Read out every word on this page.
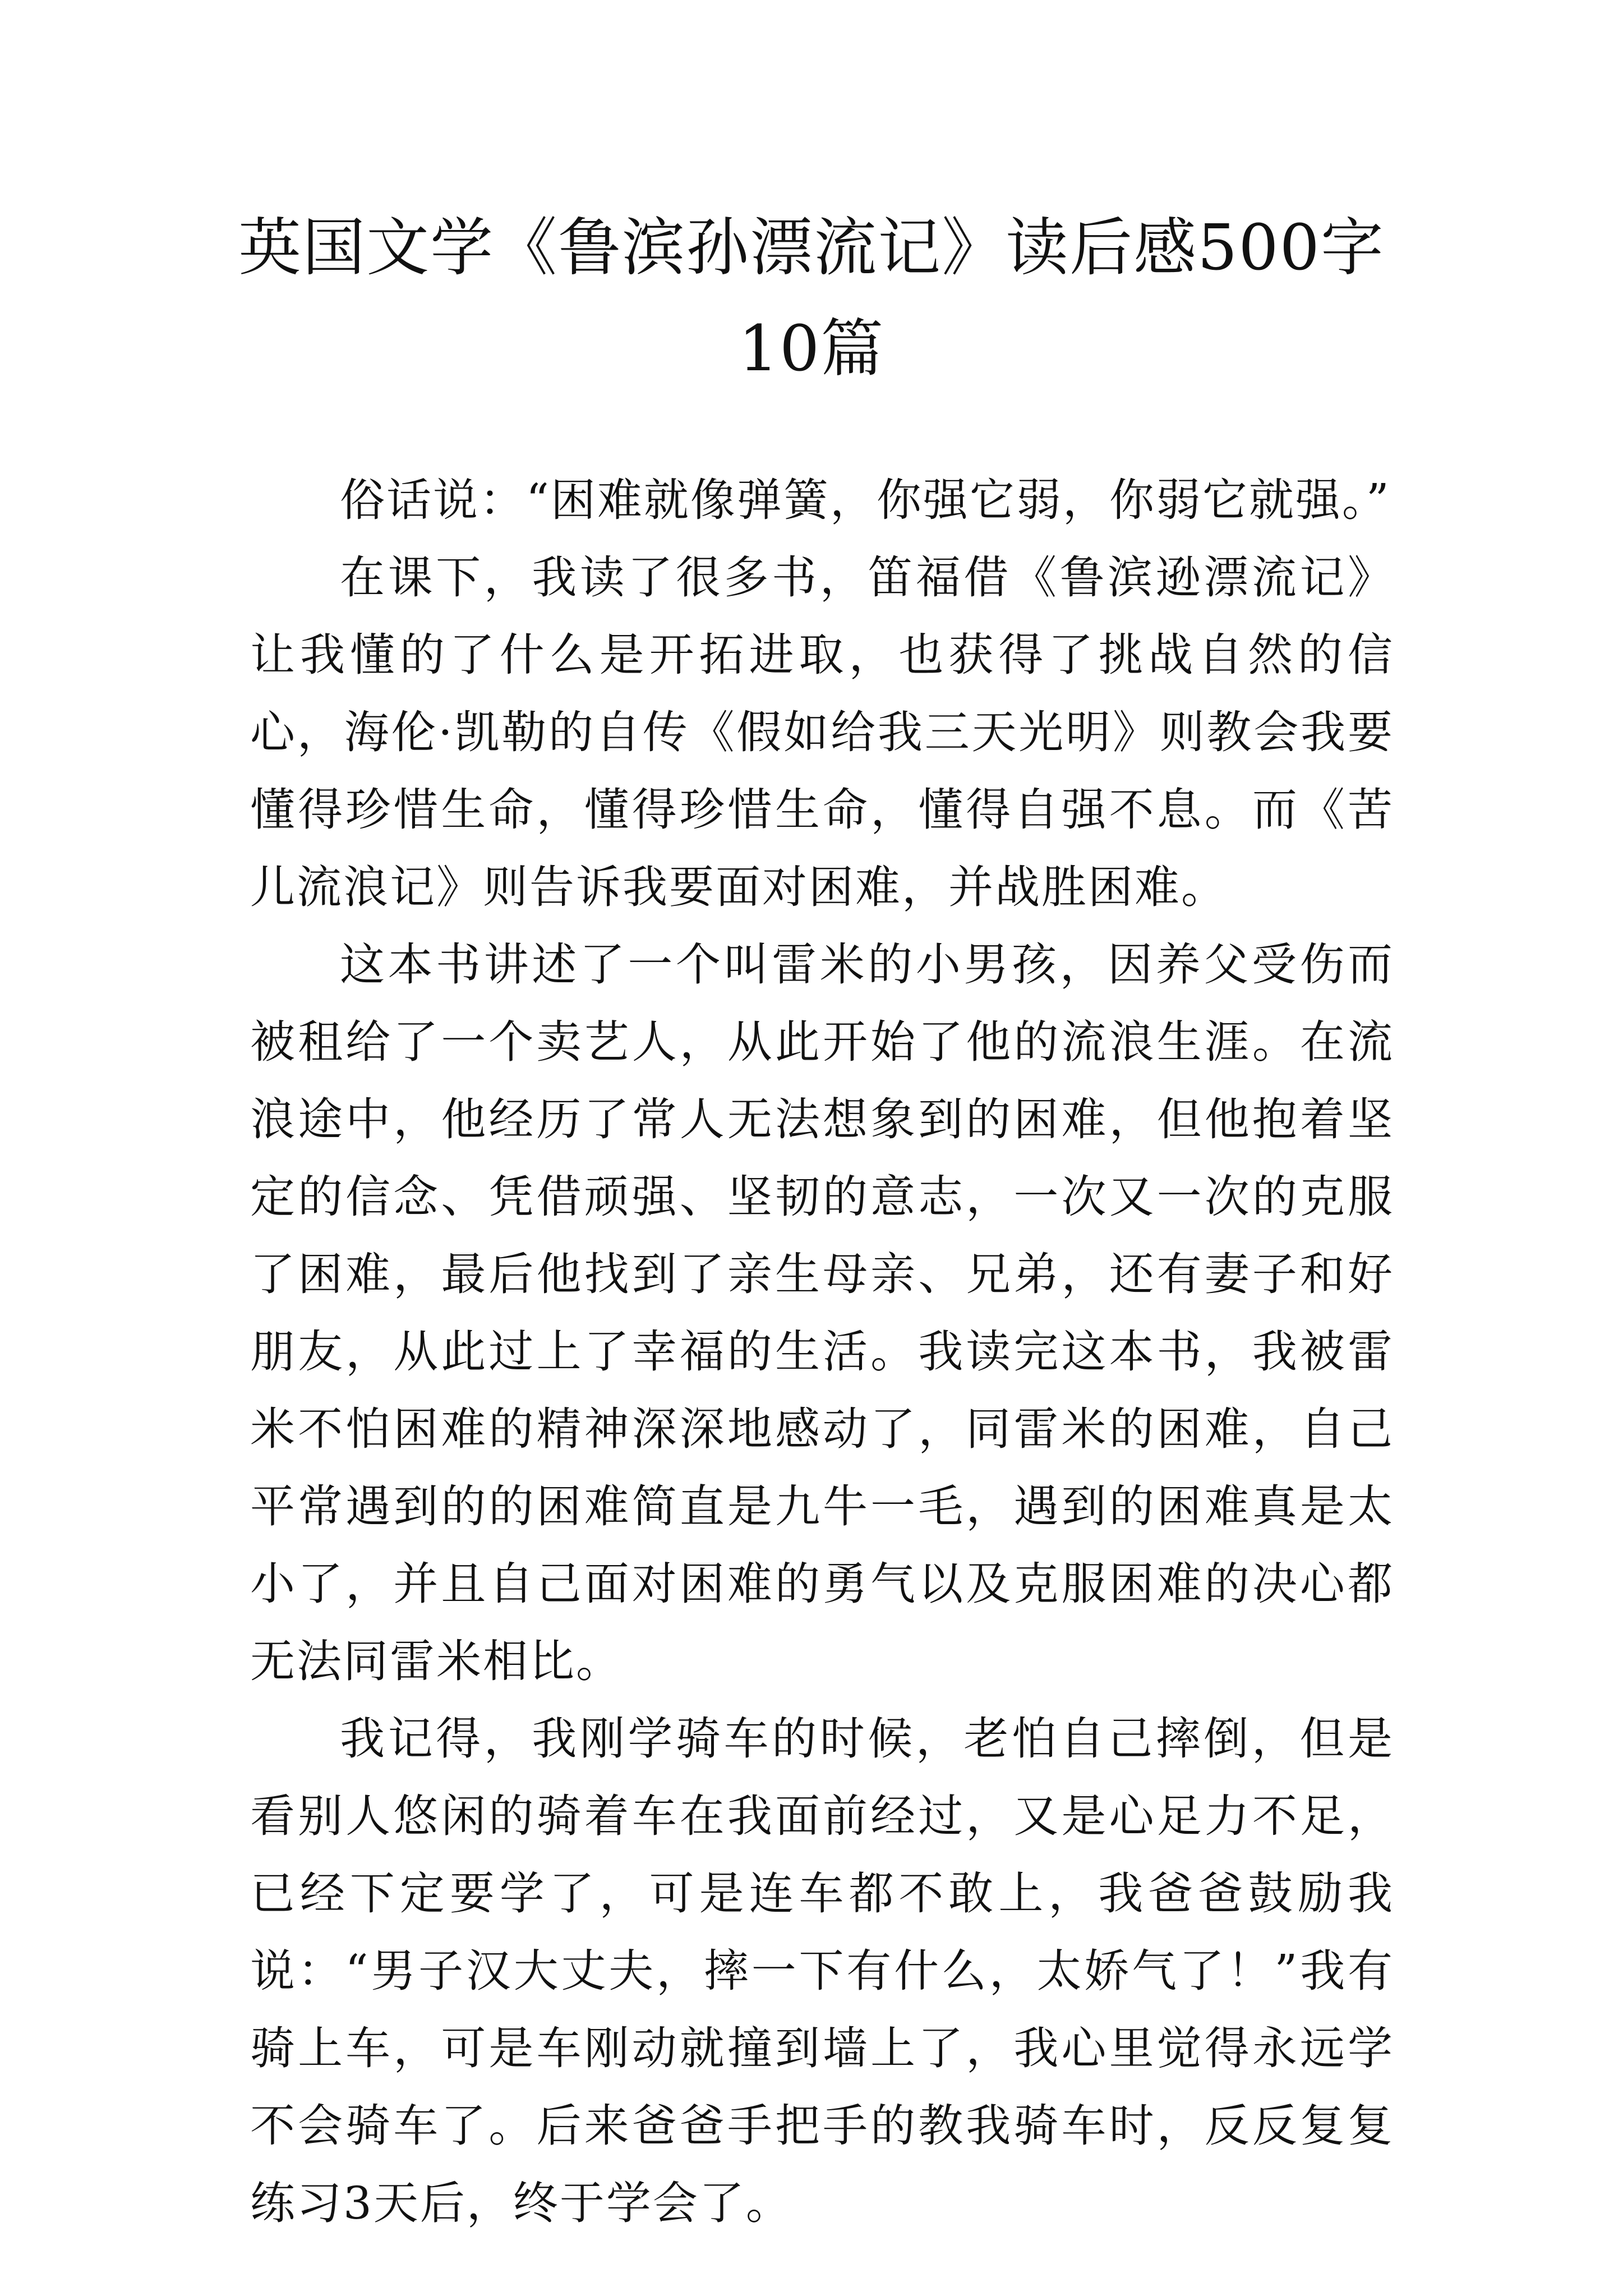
英国文学《鲁滨孙漂流记》读后感500字10篇

俗话说：“困难就像弹簧，你强它弱，你弱它就强。”

在课下，我读了很多书，笛福借《鲁滨逊漂流记》让我懂的了什么是开拓进取，也获得了挑战自然的信心，海伦·凯勒的自传《假如给我三天光明》则教会我要懂得珍惜生命，懂得珍惜生命，懂得自强不息。而《苦儿流浪记》则告诉我要面对困难，并战胜困难。

这本书讲述了一个叫雷米的小男孩，因养父受伤而被租给了一个卖艺人，从此开始了他的流浪生涯。在流浪途中，他经历了常人无法想象到的困难，但他抱着坚定的信念、凭借顽强、坚韧的意志，一次又一次的克服了困难，最后他找到了亲生母亲、兄弟，还有妻子和好朋友，从此过上了幸福的生活。我读完这本书，我被雷米不怕困难的精神深深地感动了，同雷米的困难，自己平常遇到的的困难简直是九牛一毛，遇到的困难真是太小了，并且自己面对困难的勇气以及克服困难的决心都无法同雷米相比。

我记得，我刚学骑车的时候，老怕自己摔倒，但是看别人悠闲的骑着车在我面前经过，又是心足力不足，已经下定要学了，可是连车都不敢上，我爸爸鼓励我说：“男子汉大丈夫，摔一下有什么，太娇气了！”我有骑上车，可是车刚动就撞到墙上了，我心里觉得永远学不会骑车了。后来爸爸手把手的教我骑车时，反反复复练习3天后，终于学会了。
